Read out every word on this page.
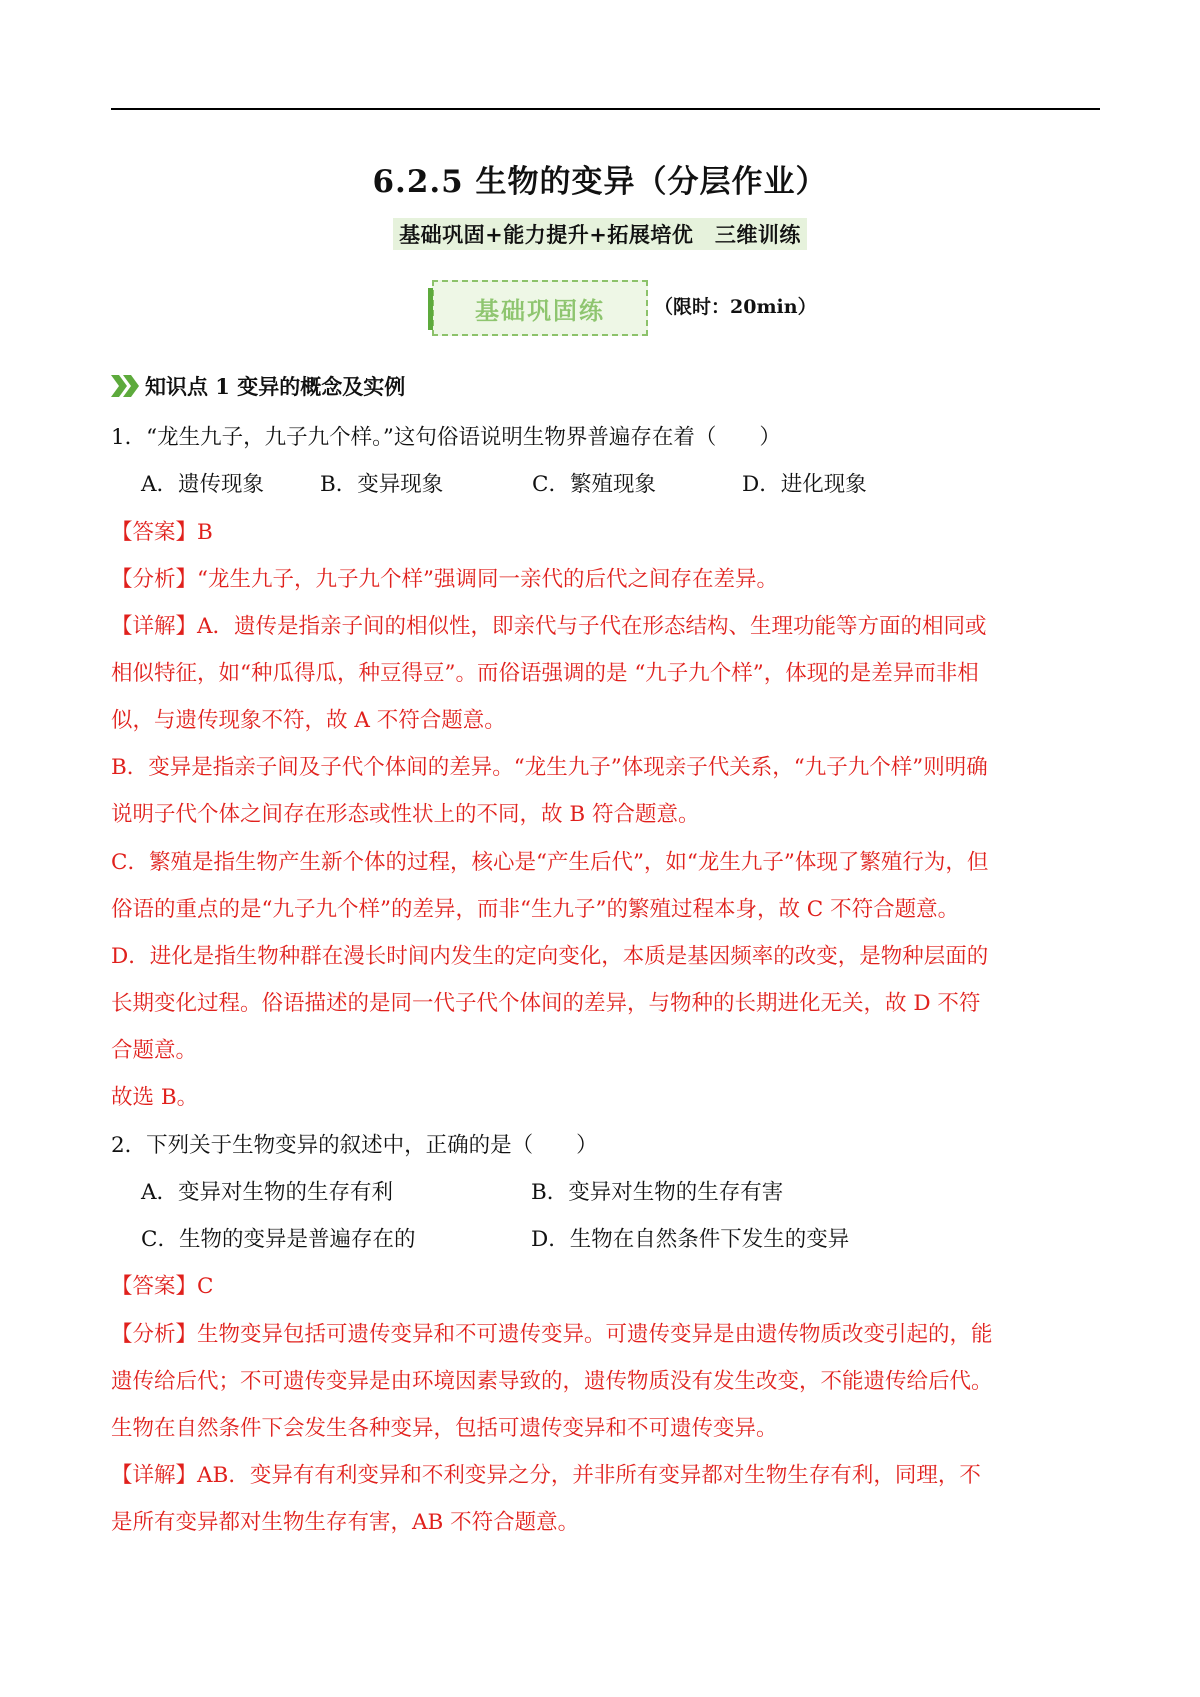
6.2.5 生物的变异（分层作业）
基础巩固+能力提升+拓展培优　三维训练
基础巩固练	（限时：20min）
知识点 1 变异的概念及实例
1．“龙生九子，九子九个样。”这句俗语说明生物界普遍存在着（　　）
A．遗传现象	B．变异现象	C．繁殖现象	D．进化现象
【答案】B
【分析】“龙生九子，九子九个样”强调同一亲代的后代之间存在差异。
【详解】A．遗传是指亲子间的相似性，即亲代与子代在形态结构、生理功能等方面的相同或
相似特征，如“种瓜得瓜，种豆得豆”。而俗语强调的是 “九子九个样”，体现的是差异而非相
似，与遗传现象不符，故 A 不符合题意。
B．变异是指亲子间及子代个体间的差异。“龙生九子”体现亲子代关系，“九子九个样”则明确
说明子代个体之间存在形态或性状上的不同，故 B 符合题意。
C．繁殖是指生物产生新个体的过程，核心是“产生后代”，如“龙生九子”体现了繁殖行为，但
俗语的重点的是“九子九个样”的差异，而非“生九子”的繁殖过程本身，故 C 不符合题意。
D．进化是指生物种群在漫长时间内发生的定向变化，本质是基因频率的改变，是物种层面的
长期变化过程。俗语描述的是同一代子代个体间的差异，与物种的长期进化无关，故 D 不符
合题意。
故选 B。
2．下列关于生物变异的叙述中，正确的是（　　）
A．变异对生物的生存有利	B．变异对生物的生存有害
C．生物的变异是普遍存在的	D．生物在自然条件下发生的变异
【答案】C
【分析】生物变异包括可遗传变异和不可遗传变异。可遗传变异是由遗传物质改变引起的，能
遗传给后代；不可遗传变异是由环境因素导致的，遗传物质没有发生改变，不能遗传给后代。
生物在自然条件下会发生各种变异，包括可遗传变异和不可遗传变异。
【详解】AB．变异有有利变异和不利变异之分，并非所有变异都对生物生存有利，同理，不
是所有变异都对生物生存有害，AB 不符合题意。
